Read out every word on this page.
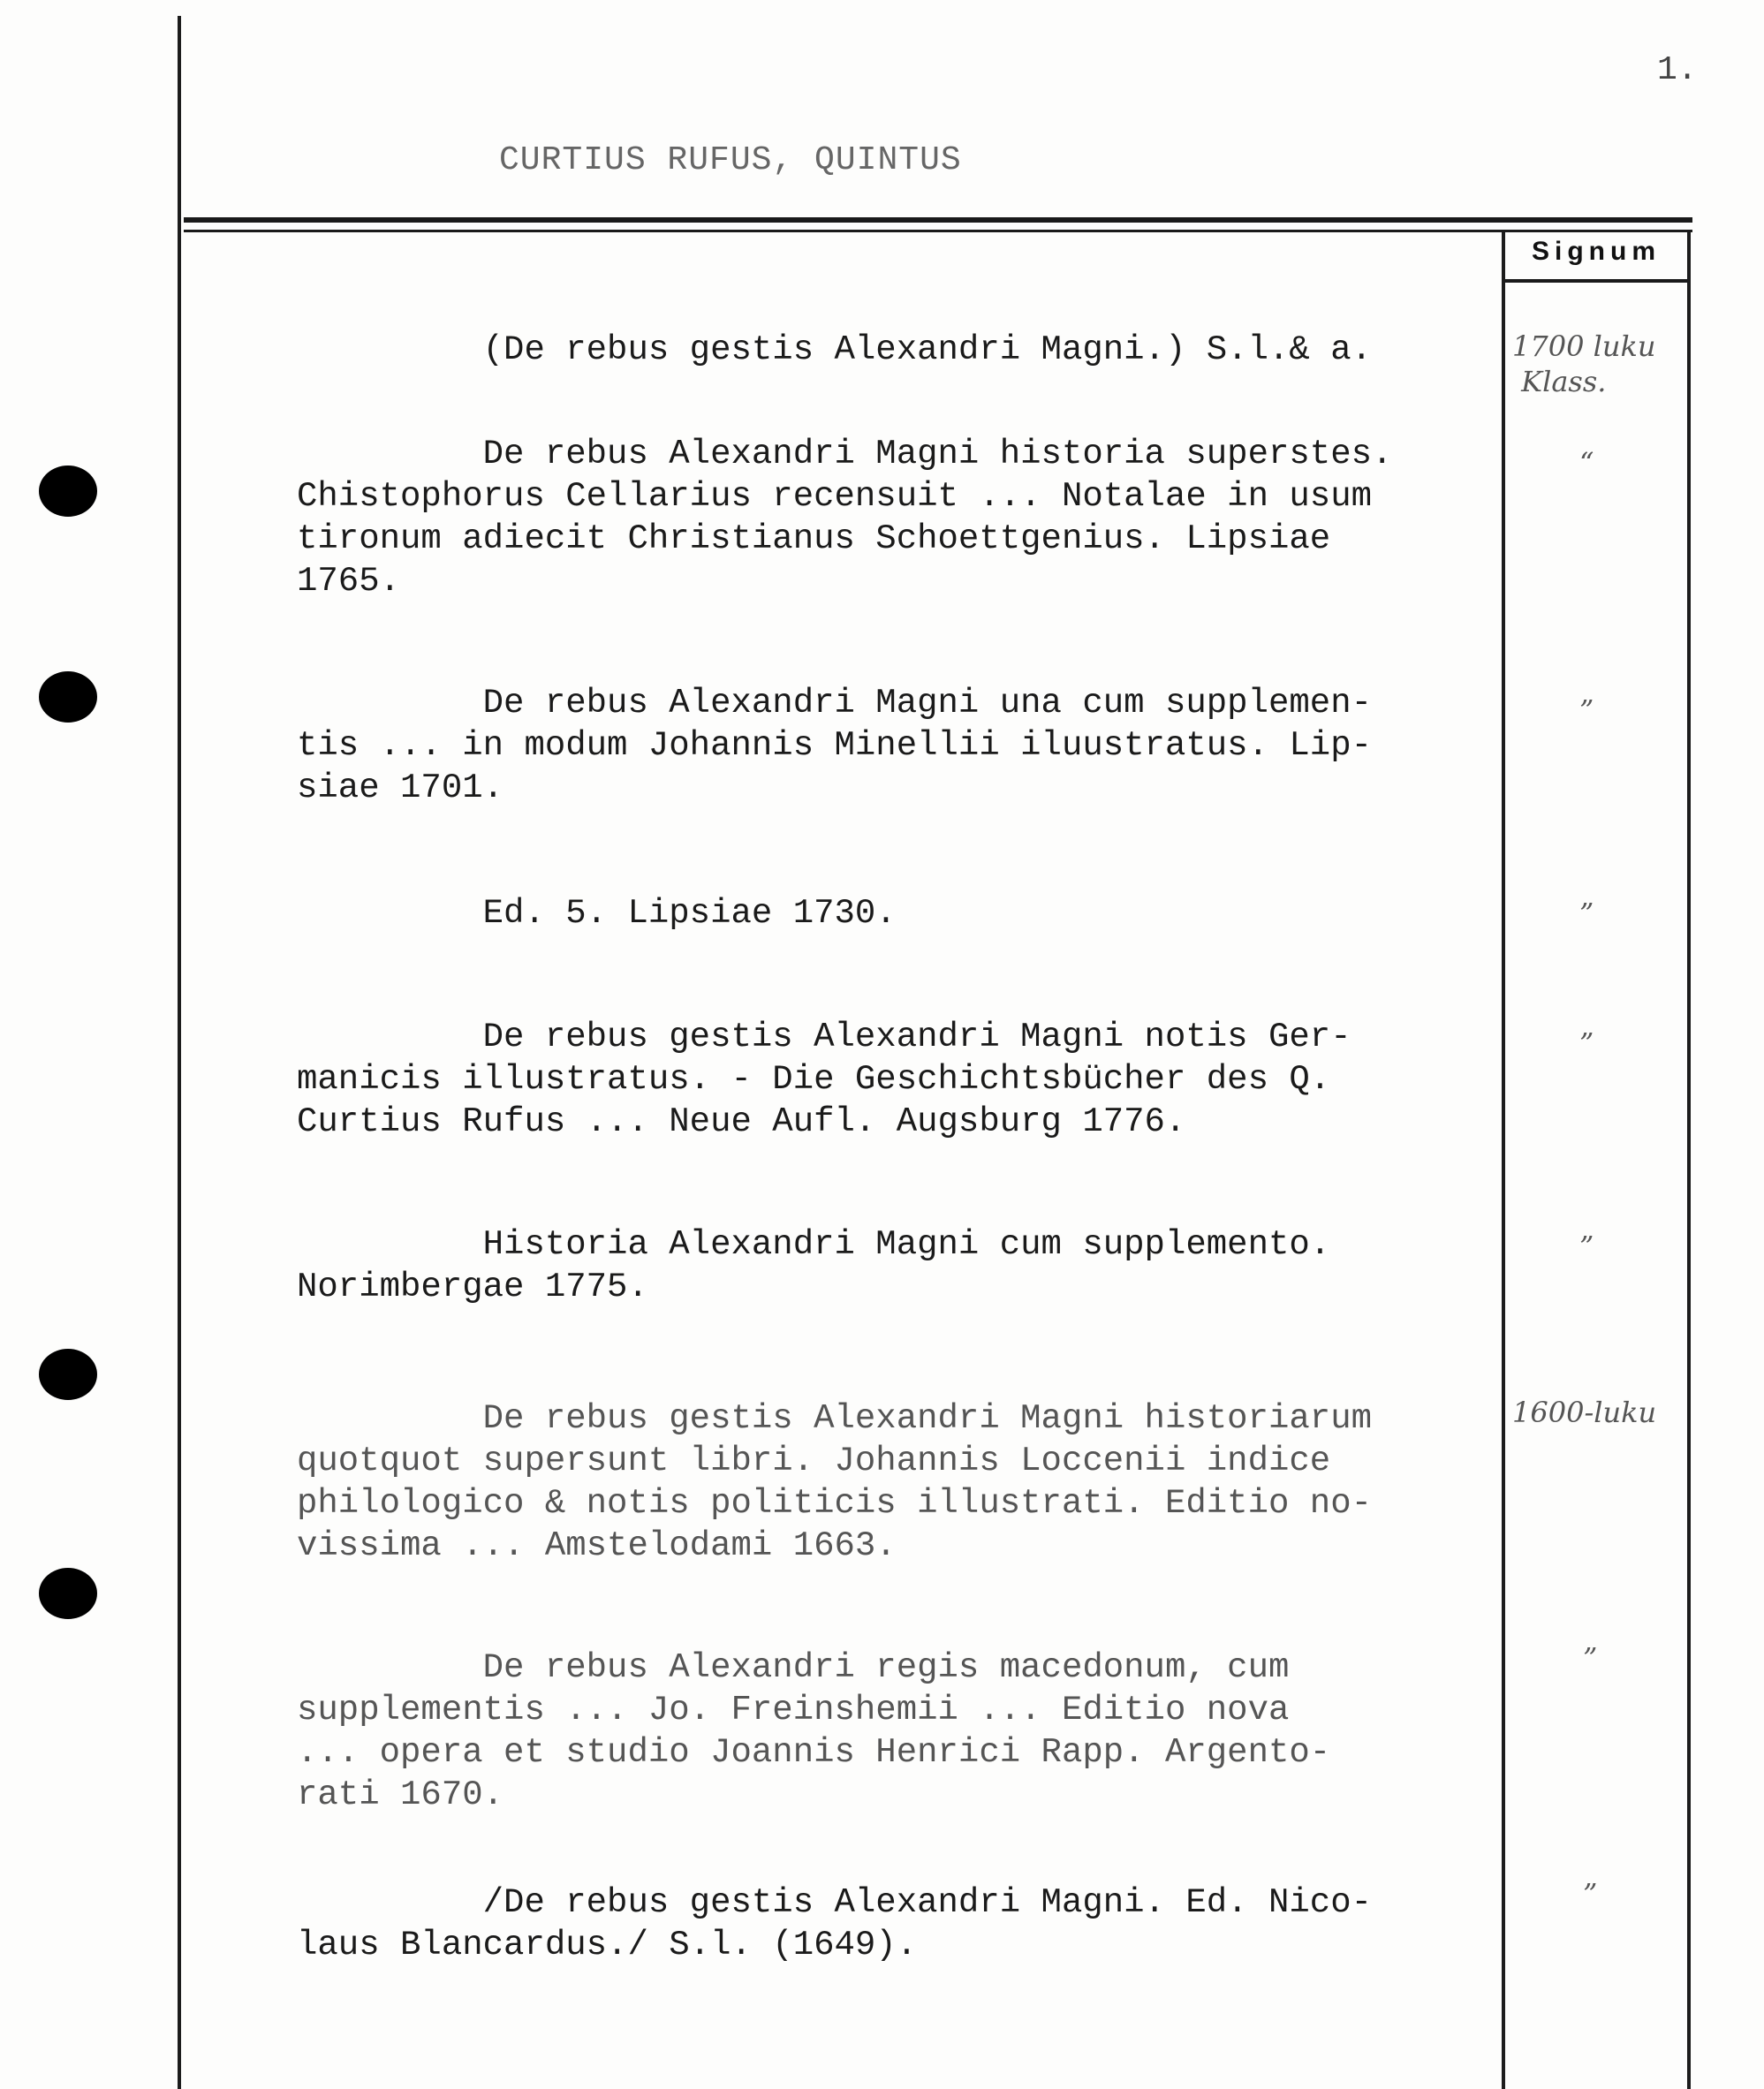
1.
CURTIUS RUFUS, QUINTUS
Signum
(De rebus gestis Alexandri Magni.) S.l.& a.
De rebus Alexandri Magni historia superstes.
Chistophorus Cellarius recensuit ... Notalae in usum
tironum adiecit Christianus Schoettgenius. Lipsiae
1765.
De rebus Alexandri Magni una cum supplemen-
tis ... in modum Johannis Minellii iluustratus. Lip-
siae 1701.
Ed. 5. Lipsiae 1730.
De rebus gestis Alexandri Magni notis Ger-
manicis illustratus. - Die Geschichtsbücher des Q.
Curtius Rufus ... Neue Aufl. Augsburg 1776.
Historia Alexandri Magni cum supplemento.
Norimbergae 1775.
De rebus gestis Alexandri Magni historiarum
quotquot supersunt libri. Johannis Loccenii indice
philologico & notis politicis illustrati. Editio no-
vissima ... Amstelodami 1663.
De rebus Alexandri regis macedonum, cum
supplementis ... Jo. Freinshemii ... Editio nova
... opera et studio Joannis Henrici Rapp. Argento-
rati 1670.
/De rebus gestis Alexandri Magni. Ed. Nico-
laus Blancardus./ S.l. (1649).
1700 luku
Klass.
“
”
”
”
”
1600-luku
”
”
